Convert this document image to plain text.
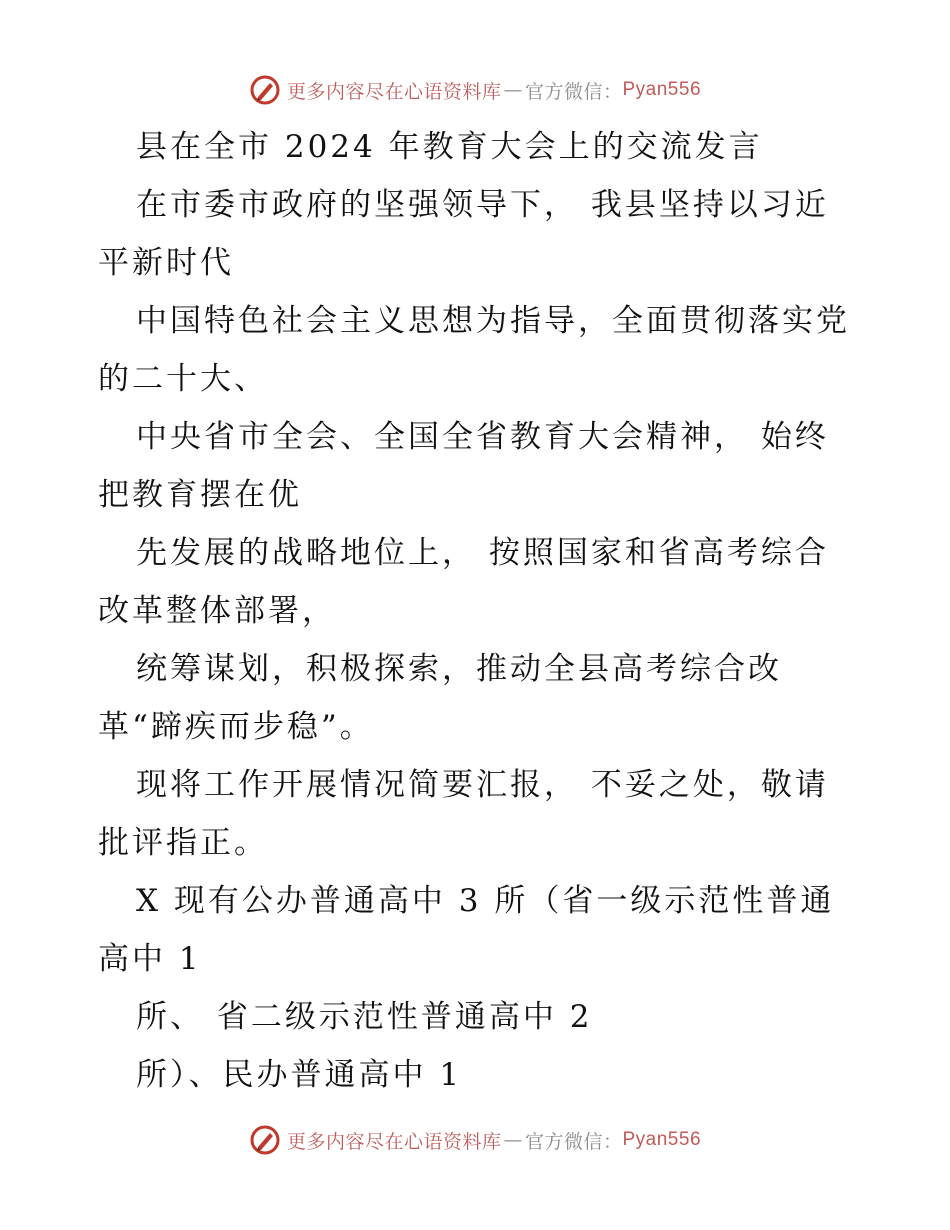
更多内容尽在心语资料库 — 官方微信： Pyan556

县在全市 2024 年教育大会上的交流发言

在市委市政府的坚强领导下， 我县坚持以习近

平新时代

中国特色社会主义思想为指导，全面贯彻落实党

的二十大、

中央省市全会、全国全省教育大会精神， 始终

把教育摆在优

先发展的战略地位上， 按照国家和省高考综合

改革整体部署，

统筹谋划，积极探索，推动全县高考综合改

革“蹄疾而步稳”。

现将工作开展情况简要汇报， 不妥之处，敬请

批评指正。

X 现有公办普通高中 3 所（省一级示范性普通

高中 1

所、 省二级示范性普通高中 2

所）、民办普通高中 1

更多内容尽在心语资料库 — 官方微信： Pyan556
